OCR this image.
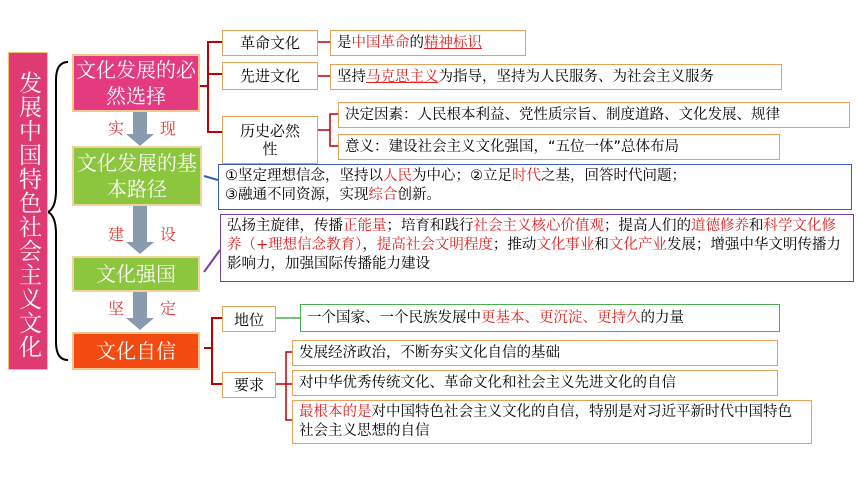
发展中国特色社会主义文化
文化发展的必然选择
文化发展的基本路径
文化强国
文化自信
实 现
建 设
坚 定
革命文化
先进文化
历史必然性
是 中国革命 的 精神标识
坚持 马克思主义 为指导，坚持为人民服务、为社会主义服务
决定因素：人民根本利益、党性质宗旨、制度道路、文化发展、规律
意义：建设社会主义文化强国，“五位一体”总体布局
①坚定理想信念，坚持以人民为中心；②立足时代之基，回答时代问题；
③融通不同资源，实现综合创新。
弘扬主旋律，传播正能量；培育和践行社会主义核心价值观；提高人们的道德修养和科学文化修养（+理想信念教育），提高社会文明程度；推动文化事业和文化产业发展；增强中华文明传播力影响力，加强国际传播能力建设
地位	一个国家、一个民族发展中 更基本、更沉淀、更持久 的力量
要求
发展经济政治，不断夯实文化自信的基础
对中华优秀传统文化、革命文化和社会主义先进文化的自信
最根本的是对中国特色社会主义文化的自信，特别是对习近平新时代中国特色社会主义思想的自信
